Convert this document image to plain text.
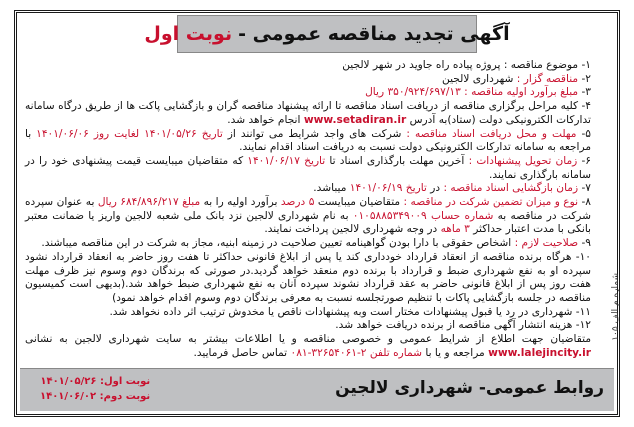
آگهی تجدید مناقصه عمومی -
نوبت اول

۱- موضوع مناقصه : پروژه پیاده راه جاوید در شهر لالجین

۲- مناقصه گزار : شهرداری لالجین

۳- مبلغ برآورد اولیه مناقصه : ۳۵۰/۹۲۴/۶۹۷/۱۳ ریال

۴- کلیه مراحل برگزاری مناقصه از دریافت اسناد مناقصه تا ارائه پیشنهاد مناقصه گران و بازگشایی پاکت ها از طریق درگاه سامانه تدارکات الکترونیکی دولت (ستاد)به آدرس www.setadiran.ir انجام خواهد شد.

۵- مهلت و محل دریافت اسناد مناقصه : شرکت های واجد شرایط می توانند از تاریخ ۱۴۰۱/۰۵/۲۶ لغایت روز ۱۴۰۱/۰۶/۰۶ با مراجعه به سامانه تدارکات الکترونیکی دولت نسبت به دریافت اسناد اقدام نمایند.

۶- زمان تحویل پیشنهادات : آخرین مهلت بارگذاری اسناد تا تاریخ ۱۴۰۱/۰۶/۱۷ که متقاضیان میبایست قیمت پیشنهادی خود را در سامانه بارگذاری نمایند.

۷- زمان بازگشایی اسناد مناقصه : در تاریخ ۱۴۰۱/۰۶/۱۹ میباشد.

۸- نوع و میزان تضمین شرکت در مناقصه : متقاضیان میبایست ۵ درصد برآورد اولیه را به مبلغ ۶۸۴/۸۹۶/۲۱۷ ریال به عنوان سپرده شرکت در مناقصه به شماره حساب ۰۱۰۵۸۸۵۳۴۹۰۰۹ به نام شهرداری لالجین نزد بانک ملی شعبه لالجین واریز یا ضمانت معتبر بانکی با مدت اعتبار حداکثر ۳ ماهه در وجه شهرداری لالجین پرداخت نمایند.

۹- صلاحیت لازم : اشخاص حقوقی با دارا بودن گواهینامه تعیین صلاحیت در زمینه ابنیه، مجاز به شرکت در این مناقصه میباشند.

۱۰- هرگاه برنده مناقصه از انعقاد قرارداد خودداری کند یا پس از ابلاغ قانونی حداکثر تا هفت روز حاضر به انعقاد قرارداد نشود سپرده او به نفع شهرداری ضبط و قرارداد با برنده دوم منعقد خواهد گردید.در صورتی که برندگان دوم وسوم نیز ظرف مهلت هفت روز پس از ابلاغ قانونی حاضر به عقد قرارداد نشوند سپرده آنان به نفع شهرداری ضبط خواهد شد.(بدیهی است کمیسیون مناقصه در جلسه بازگشایی پاکات با تنظیم صورتجلسه نسبت به معرفی برندگان دوم وسوم اقدام خواهد نمود)

۱۱- شهرداری در رد یا قبول پیشنهادات مختار است وبه پیشنهادات ناقص یا مخدوش ترتیب اثر داده نخواهد شد.

۱۲- هزینه انتشار آگهی مناقصه از برنده دریافت خواهد شد.

متقاضیان جهت اطلاع از شرایط عمومی و خصوصی مناقصه و یا اطلاعات بیشتر به سایت شهرداری لالجین به نشانی www.lalejincity.ir مراجعه و یا با شماره تلفن ۲-۳۲۶۵۴۰۶۱-۰۸۱ تماس حاصل فرمایید.

شماره م الف ۱۰۵
روابط عمومی- شهرداری لالجین
نوبت اول: ۱۴۰۱/۰۵/۲۶
نوبت دوم: ۱۴۰۱/۰۶/۰۲
